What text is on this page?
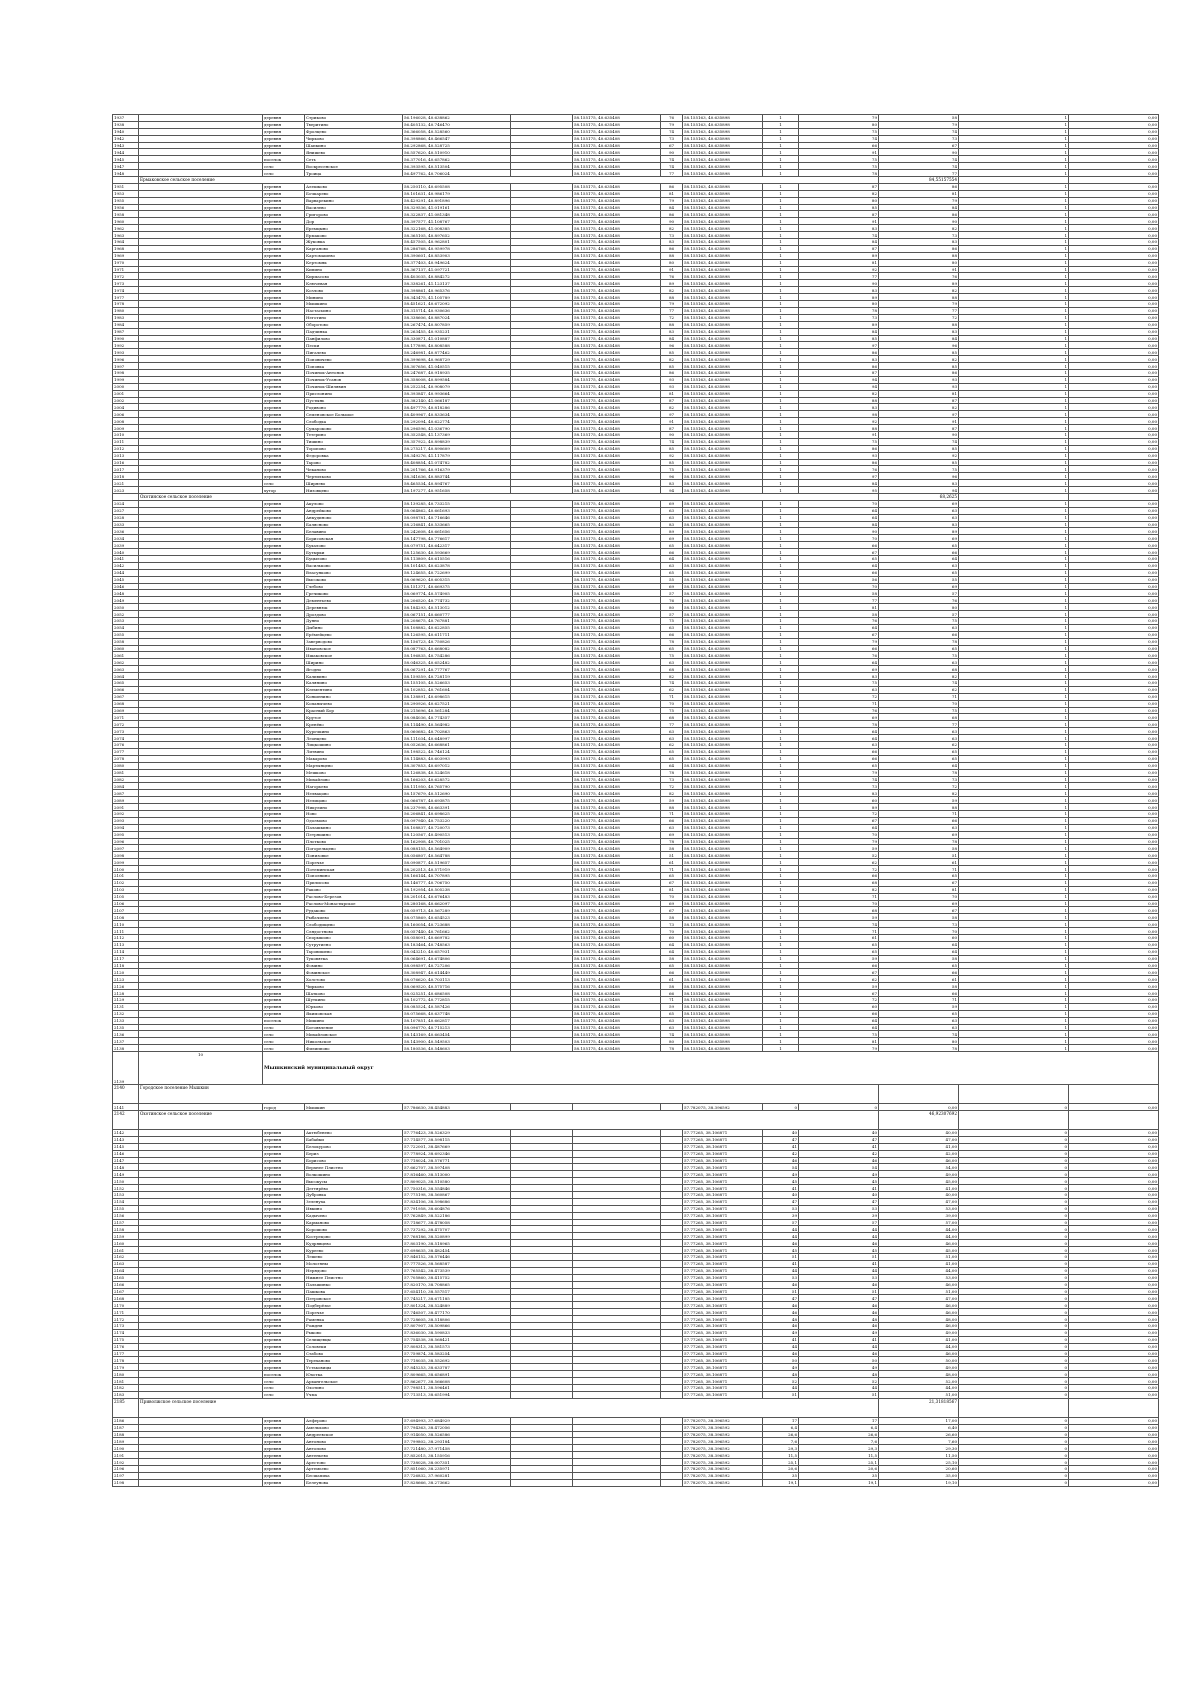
1937		деревня	Стриково	56.196028, 40.638862		58.155175, 40.635408	76	58.155163, 40.635898	1	79	58	1	0,00
1938		деревня	Тверитино	56.405132, 40.746470		58.155175, 40.635408	79	58.155163, 40.635898	1	80	79	1	0,00
1940		деревня	Фролцево	56.366058, 40.528560		58.155175, 40.635408	74	58.155163, 40.635898	1	75	74	1	0,00
1942		деревня	Чирково	56.398866, 40.466547		58.155175, 40.635408	73	58.155163, 40.635898	1	74	73	1	0,00
1943		деревня	Шапкино	56.292868, 40.528725		58.155175, 40.635408	67	58.155163, 40.635898	1	66	67	1	0,00
1944		деревня	Янишево	56.557620, 40.510910		58.155175, 40.635408	90	58.155163, 40.635898	1	91	90	1	0,00
1945		поселок	Сеть	56.377016, 40.657862		58.155175, 40.635408	74	58.155163, 40.635898	1	75	74	1	0,00
1947		село	Воскресенское	56.393595, 40.513504		58.155175, 40.635408	74	58.155163, 40.635898	1	75	74	1	0,00
1948		село	Троица	56.497762, 40.706024		58.155175, 40.635408	77	58.155163, 40.635898	1	78	77	1	0,00
	Ермаковское сельское поселение										84,55157554		
1951		деревня	Алешково	58.250110, 40.695508		58.155175, 40.635408	86	58.155163, 40.635898	1	87	86	1	0,00
1953		деревня	Бочкарево	58.101631, 40.986179		58.155175, 40.635408	81	58.155163, 40.635898	1	82	81	1	0,00
1955		деревня	Варварекино	58.429291, 40.891896		58.155175, 40.635408	79	58.155163, 40.635898	1	80	79	1	0,00
1956		деревня	Василево	58.329536, 41.019161		58.155175, 40.635408	84	58.155163, 40.635898	1	85	84	1	0,00
1958		деревня	Григорово	58.322837, 41.081348		58.155175, 40.635408	86	58.155163, 40.635898	1	87	86	1	0,00
1960		деревня	Дор	58.397577, 41.108767		58.155175, 40.635408	90	58.155163, 40.635898	1	91	90	1	0,00
1962		деревня	Еремцыно	58.322168, 41.008385		58.155175, 40.635408	82	58.155163, 40.635898	1	83	82	1	0,00
1963		деревня	Ермаково	58.365105, 40.897652		58.155175, 40.635408	73	58.155163, 40.635898	1	74	73	1	0,00
1964		деревня	Жуковка	58.457505, 40.962801		58.155175, 40.635408	83	58.155163, 40.635898	1	84	83	1	0,00
1968		деревня	Карганово	58.286768, 40.959978		58.155175, 40.635408	86	58.155163, 40.635898	1	87	86	1	0,00
1969		деревня	Картомашево	58.390601, 40.853903		58.155175, 40.635408	88	58.155163, 40.635898	1	89	88	1	0,00
1970		деревня	Кертомяк	58.377403, 40.949624		58.155175, 40.635408	80	58.155163, 40.635898	1	81	80	1	0,00
1971		деревня	Кипино	58.367137, 41.097721		58.155175, 40.635408	91	58.155163, 40.635898	1	92	91	1	0,00
1972		деревня	Кирмасово	58.403035, 40.884272		58.155175, 40.635408	76	58.155163, 40.635898	1	77	76	1	0,00
1973		деревня	Ключевая	58.338261, 41.123137		58.155175, 40.635408	89	58.155163, 40.635898	1	90	89	1	0,00
1974		деревня	Козлово	58.398861, 40.965376		58.155175, 40.635408	82	58.155163, 40.635898	1	83	82	1	0,00
1977		деревня	Минино	58.343475, 41.105789		58.155175, 40.635408	88	58.155163, 40.635898	1	89	88	1	0,00
1978		деревня	Мышкино	58.451621, 40.672092		58.155175, 40.635408	79	58.155163, 40.635898	1	80	79	1	0,00
1980		деревня	Настасьино	58.315714, 40.930636		58.155175, 40.635408	77	58.155163, 40.635898	1	78	77	1	0,00
1983		деревня	Неготино	58.338606, 40.887024		58.155175, 40.635408	72	58.155163, 40.635898	1	73	72	1	0,00
1984		деревня	Оборотово	58.267474, 40.807859		58.155175, 40.635408	88	58.155163, 40.635898	1	89	88	1	0,00
1987		деревня	Падчинка	58.263455, 40.935231		58.155175, 40.635408	83	58.155163, 40.635898	1	84	83	1	0,00
1990		деревня	Панфилово	58.330871, 41.010887		58.155175, 40.635408	84	58.155163, 40.635898	1	85	84	1	0,00
1992		деревня	Пески	58.177898, 40.808588		58.155175, 40.635408	96	58.155163, 40.635898	1	97	96	1	0,00
1993		деревня	Пигалево	58.246981, 40.877462		58.155175, 40.635408	85	58.155163, 40.635898	1	86	85	1	0,00
1996		деревня	Поповичево	58.399698, 40.968729		58.155175, 40.635408	82	58.155163, 40.635898	1	83	82	1	0,00
1997		деревня	Поповка	58.307656, 41.040515		58.155175, 40.635408	85	58.155163, 40.635898	1	86	85	1	0,00
1998		деревня	Починок-Антонов	58.247687, 40.918935		58.155175, 40.635408	86	58.155163, 40.635898	1	87	86	1	0,00
1999		деревня	Починок-Усанов	58.358008, 40.899584		58.155175, 40.635408	93	58.155163, 40.635898	1	94	93	1	0,00
2000		деревня	Починок-Шилявин	58.252254, 40.908079		58.155175, 40.635408	93	58.155163, 40.635898	1	94	93	1	0,00
2001		деревня	Прислонино	58.393847, 40.993664		58.155175, 40.635408	81	58.155163, 40.635898	1	82	81	1	0,00
2002		деревня	Пустынь	58.382140, 41.066187		58.155175, 40.635408	87	58.155163, 40.635898	1	88	87	1	0,00
2004		деревня	Родивоно	58.497779, 40.818286		58.155175, 40.635408	82	58.155163, 40.635898	1	83	82	1	0,00
2006		деревня	Семеновское Большое	58.409967, 40.833634		58.155175, 40.635408	97	58.155163, 40.635898	1	98	97	1	0,00
2008		деревня	Слободка	58.292094, 40.622774		58.155175, 40.635408	91	58.155163, 40.635898	1	92	91	1	0,00
2009		деревня	Сумароково	58.296596, 41.036790		58.155175, 40.635408	87	58.155163, 40.635898	1	88	87	1	0,00
2010		деревня	Тетерино	58.352548, 41.137369		58.155175, 40.635408	90	58.155163, 40.635898	1	91	90	1	0,00
2011		деревня	Тишино	58.357922, 40.898839		58.155175, 40.635408	74	58.155163, 40.635898	1	75	74	1	0,00
2012		деревня	Торопово	58.275217, 40.890609		58.155175, 40.635408	85	58.155163, 40.635898	1	86	85	1	0,00
2013		деревня	Федоровка	58.349276, 41.117879		58.155175, 40.635408	92	58.155163, 40.635898	1	93	92	1	0,00
2016		деревня	Тарово	58.408854, 41.074782		58.155175, 40.635408	85	58.155163, 40.635898	1	86	85	1	0,00
2017		деревня	Чеканово	58.201766, 40.916379		58.155175, 40.635408	75	58.155163, 40.635898	1	76	75	1	0,00
2018		деревня	Чертилково	58.341636, 40.883744		58.155175, 40.635408	96	58.155163, 40.635898	1	97	96	1	0,00
2021		село	Ширяево	58.465534, 40.894767		58.155175, 40.635408	83	58.155163, 40.635898	1	84	83	1	0,00
2023		хутор	Низовцево	58.197277, 40.951658		58.155175, 40.635408	94	58.155163, 40.635898	1	95	94	1	0,00
	Охотинское сельское поселение										68,2625		
2024		деревня	Акулово	58.139285, 40.733215		58.155175, 40.635408	69	58.155163, 40.635898	1	70	69	1	0,00
2027		деревня	Андрейково	58.064862, 40.661693		58.155175, 40.635408	63	58.155163, 40.635898	1	64	63	1	0,00
2028		деревня	Анкудиново	58.098781, 40.716646		58.155175, 40.635408	63	58.155163, 40.635898	1	64	63	1	0,00
2033		деревня	Балясново	58.216841, 40.533665		58.155175, 40.635408	83	58.155163, 40.635898	1	84	83	1	0,00
2036		деревня	Белавино	58.242608, 40.661656		58.155175, 40.635408	89	58.155163, 40.635898	1	90	89	1	0,00
2034		деревня	Борисовская	58.147798, 40.776617		58.155175, 40.635408	69	58.155163, 40.635898	1	70	69	1	0,00
2039		деревня	Бухалово	58.079751, 40.642317		58.155175, 40.635408	65	58.155163, 40.635898	1	66	65	1	0,00
2040		деревня	Бутырки	58.125630, 40.593669		58.155175, 40.635408	66	58.155163, 40.635898	1	67	66	1	0,00
2041		деревня	Буцылово	58.113809, 40.615516		58.155175, 40.635408	64	58.155163, 40.635898	1	65	64	1	0,00
2042		деревня	Васильково	58.101483, 40.623878		58.155175, 40.635408	63	58.155163, 40.635898	1	64	63	1	0,00
2044		деревня	Власунково	58.124655, 40.722699		58.155175, 40.635408	65	58.155163, 40.635898	1	66	65	1	0,00
2045		деревня	Высоково	58.069620, 40.605315		58.155175, 40.635408	55	58.155163, 40.635898	1	56	55	1	0,00
2046		деревня	Глебово	58.151371, 40.669375		58.155175, 40.635408	69	58.155163, 40.635898	1	70	69	1	0,00
2048		деревня	Гречиково	58.069774, 40.574905		58.155175, 40.635408	57	58.155163, 40.635898	1	58	57	1	0,00
2049		деревня	Дементьево	58.206520, 40.774732		58.155175, 40.635408	76	58.155163, 40.635898	1	77	76	1	0,00
2050		деревня	Деревнюк	58.184293, 40.513012		58.155175, 40.635408	80	58.155163, 40.635898	1	81	80	1	0,00
2052		деревня	Дроздово	58.067151, 40.660777		58.155175, 40.635408	57	58.155163, 40.635898	1	58	57	1	0,00
2053		деревня	Дуяно	58.208675, 40.767881		58.155175, 40.635408	75	58.155163, 40.635898	1	76	75	1	0,00
2054		деревня	Дыбино	58.108882, 40.622855		58.155175, 40.635408	63	58.155163, 40.635898	1	64	63	1	0,00
2055		деревня	Ерёмейцево	58.126595, 40.611711		58.155175, 40.635408	66	58.155163, 40.635898	1	67	66	1	0,00
2058		деревня	Заверводово	58.156723, 40.750826		58.155175, 40.635408	78	58.155163, 40.635898	1	79	78	1	0,00
2060		деревня	Ивановское	58.087763, 40.668082		58.155175, 40.635408	65	58.155163, 40.635898	1	66	65	1	0,00
2061		деревня	Ишаковское	58.196835, 40.754286		58.155175, 40.635408	75	58.155163, 40.635898	1	76	75	1	0,00
2062		деревня	Ширино	58.046325, 40.652482		58.155175, 40.635408	63	58.155163, 40.635898	1	64	63	1	0,00
2063		деревня	Ягодно	58.067291, 40.777767		58.155175, 40.635408	68	58.155163, 40.635898	1	69	68	1	0,00
2064		деревня	Каливино	58.159559, 40.728119		58.155175, 40.635408	82	58.155163, 40.635898	1	83	82	1	0,00
2065		деревня	Калянино	58.155105, 40.526653		58.155175, 40.635408	74	58.155163, 40.635898	1	75	74	1	0,00
2066		деревня	Клементино	58.102852, 40.761604		58.155175, 40.635408	62	58.155163, 40.635898	1	63	62	1	0,00
2067		деревня	Коншенино	58.138891, 40.698615		58.155175, 40.635408	71	58.155163, 40.635898	1	72	71	1	0,00
2068		деревня	Копанычево	58.290926, 40.627521		58.155175, 40.635408	70	58.155163, 40.635898	1	71	70	1	0,00
2069		деревня	Красный Бор	58.215696, 40.561284		58.155175, 40.635408	75	58.155163, 40.635898	1	76	75	1	0,00
2071		деревня	Крутое	58.084036, 40.774357		58.155175, 40.635408	68	58.155163, 40.635898	1	69	68	1	0,00
2072		деревня	Кренёво	58.114490, 40.564982		58.155175, 40.635408	77	58.155163, 40.635898	1	78	77	1	0,00
2073		деревня	Курочкино	58.060682, 40.702863		58.155175, 40.635408	63	58.155163, 40.635898	1	64	63	1	0,00
2074		деревня	Леонцево	58.111034, 40.648997		58.155175, 40.635408	63	58.155163, 40.635898	1	64	63	1	0,00
2076		деревня	Лицкошино	58.052636, 40.668861		58.155175, 40.635408	62	58.155163, 40.635898	1	63	62	1	0,00
2077		деревня	Литвино	58.198522, 40.746124		58.155175, 40.635408	65	58.155163, 40.635898	1	66	65	1	0,00
2078		деревня	Макарово	58.114883, 40.603993		58.155175, 40.635408	65	58.155163, 40.635898	1	66	65	1	0,00
2080		деревня	Мартынцево	58.307853, 40.697012		58.155175, 40.635408	64	58.155163, 40.635898	1	65	64	1	0,00
2081		деревня	Мешково	58.126838, 40.524618		58.155175, 40.635408	78	58.155163, 40.635898	1	79	78	1	0,00
2082		деревня	Михайлово	58.166203, 40.628572		58.155175, 40.635408	73	58.155163, 40.635898	1	74	73	1	0,00
2084		деревня	Нагорьево	58.111950, 40.765790		58.155175, 40.635408	72	58.155163, 40.635898	1	73	72	1	0,00
2087		деревня	Нелвацово	58.157679, 40.512690		58.155175, 40.635408	82	58.155163, 40.635898	1	83	82	1	0,00
2089		деревня	Нелицово	56.066787, 40.693875		58.155175, 40.635408	59	58.155163, 40.635898	1	60	59	1	0,00
2091		деревня	Никулино	58.237998, 40.663391		58.155175, 40.635408	88	58.155163, 40.635898	1	89	88	1	0,00
2092		деревня	Ново	56.206841, 40.698625		58.155175, 40.635408	71	58.155163, 40.635898	1	72	71	1	0,00
2093		деревня	Одолмово	58.097940, 40.753220		58.155175, 40.635408	66	58.155163, 40.635898	1	67	66	1	0,00
2094		деревня	Палашкино	58.108837, 40.720073		58.155175, 40.635408	63	58.155163, 40.635898	1	64	63	1	0,00
2095		деревня	Петряшино	58.120567, 40.490513		58.155175, 40.635408	69	58.155163, 40.635898	1	70	69	1	0,00
2096		деревня	Плотково	58.162908, 40.701025		58.155175, 40.635408	78	58.155163, 40.635898	1	79	78	1	0,00
2097		деревня	Погорельцево	58.088155, 40.564909		58.155175, 40.635408	58	58.155163, 40.635898	1	59	58	1	0,00
2098		деревня	Понизовье	58.056807, 40.564788		58.155175, 40.635408	51	58.155163, 40.635898	1	52	51	1	0,00
2099		деревня	Поречье	58.090877, 40.519657		58.155175, 40.635408	61	58.155163, 40.635898	1	62	61	1	0,00
2100		деревня	Потеминская	58.202513, 40.571919		58.155175, 40.635408	71	58.155163, 40.635898	1	72	71	1	0,00
2101		деревня	Пополнино	58.166144, 40.707895		58.155175, 40.635408	65	58.155163, 40.635898	1	66	65	1	0,00
2102		деревня	Прилисово	58.146777, 40.706750		58.155175, 40.635408	67	58.155163, 40.635898	1	68	67	1	0,00
2103		деревня	Раково	58.192954, 40.505238		58.155175, 40.635408	81	58.155163, 40.635898	1	82	81	1	0,00
2105		деревня	Раслово-Березов	58.201014, 40.676483		58.155175, 40.635408	70	58.155163, 40.635898	1	71	70	1	0,00
2106		деревня	Раслово-Монастырское	58.280168, 40.662097		58.155175, 40.635408	69	58.155163, 40.635898	1	70	69	1	0,00
2107		деревня	Рудаково	58.059713, 40.567289		58.155175, 40.635408	67	58.155163, 40.635898	1	68	67	1	0,00
2108		деревня	Рыбачиево	58.075869, 40.654523		58.155175, 40.635408	58	58.155163, 40.635898	1	59	58	1	0,00
2110		деревня	Слободищево	58.160054, 40.723688		58.155175, 40.635408	73	58.155163, 40.635898	1	74	73	1	0,00
2111		деревня	Слядостново	58.057440, 40.761662		58.155175, 40.635408	70	58.155163, 40.635898	1	71	70	1	0,00
2112		деревня	Спорышово	58.058091, 40.669782		58.155175, 40.635408	60	58.155163, 40.635898	1	61	60	1	0,00
2113		деревня	Сутрутиено	58.183464, 40.748563		58.155175, 40.635408	64	58.155163, 40.635898	1	65	64	1	0,00
2114		деревня	Таровишево	58.043210, 40.657931		58.155175, 40.635408	64	58.155163, 40.635898	1	65	64	1	0,00
2117		деревня	Туковятка	58.064691, 40.674806		58.155175, 40.635408	58	58.155163, 40.635898	1	59	58	1	0,00
2118		деревня	Фомино	58.098597, 40.727206		58.155175, 40.635408	65	58.155163, 40.635898	1	66	65	1	0,00
2120		деревня	Фоминское	58.308947, 40.614449		58.155175, 40.635408	66	58.155163, 40.635898	1	67	66	1	0,00
2123		деревня	Холстово	58.076620, 40.703113		58.155175, 40.635408	61	58.155163, 40.635898	1	62	61	1	0,00
2126		деревня	Чирково	58.069520, 40.575716		58.155175, 40.635408	58	58.155163, 40.635898	1	59	58	1	0,00
2128		деревня	Шатково	58.025251, 40.686508		58.155175, 40.635408	66	58.155163, 40.635898	1	67	66	1	0,00
2129		деревня	Шуткино	58.102772, 40.772815		58.155175, 40.635408	71	58.155163, 40.635898	1	72	71	1	0,00
2131		деревня	Юрково	58.085524, 40.587426		58.155175, 40.635408	59	58.155163, 40.635898	1	60	59	1	0,00
2132		деревня	Якимовская	58.075668, 40.637748		58.155175, 40.635408	65	58.155163, 40.635898	1	66	65	1	0,00
2133		поселок	Мишино	58.107851, 40.662817		58.155175, 40.635408	63	58.155163, 40.635898	1	64	63	1	0,00
2135		село	Богоявление	58.096770, 40.715213		58.155175, 40.635408	63	58.155163, 40.635898	1	64	63	1	0,00
2136		село	Михайловское	58.143169, 40.663454		58.155175, 40.635408	74	58.155163, 40.635898	1	75	74	1	0,00
2137		село	Никольское	58.143900, 40.549503		58.155175, 40.635408	80	58.155163, 40.635898	1	81	80	1	0,00
2138		село	Филиппово	58.180536, 40.548603		58.155175, 40.635408	78	58.155163, 40.635898	1	79	78	1	0,00
2139	10	Мышкинский муниципальный округ											
2140	Городское поселение Мышкин												
2141		город	Мышкин	57.786630, 38.454883				57.782075, 38.396592	0	0	0,00	0	0,00
2142	Охотинское сельское поселение										46,92307692		
2142		деревня	Актюбенево	57.776423, 38.526329				57.77265, 38.106871	40	40	40,00	0	0,00
2143		деревня	Бабайки	57.714577, 38.598115				57.77265, 38.106871	47	47	47,00	0	0,00
2145		деревня	Белокурово	57.722001, 38.487669				57.77265, 38.106871	41	41	41,00	0	0,00
2146		деревня	Бериз	57.778924, 38.692346				57.77265, 38.106871	42	42	42,00	0	0,00
2147		деревня	Борисово	57.718024, 38.576771				57.77265, 38.106871	46	46	46,00	0	0,00
2148		деревня	Верхнее Плистно	57.662707, 38.597408				57.77265, 38.106871	54	54	54,00	0	0,00
2149		деревня	Волкошино	57.816460, 38.513000				57.77265, 38.106871	49	49	49,00	0	0,00
2150		деревня	Высокусы	57.809025, 38.510580				57.77265, 38.106871	45	45	45,00	0	0,00
2152		деревня	Дегтярёво	57.750316, 38.554846				57.77265, 38.106871	41	41	41,00	0	0,00
2153		деревня	Дубровка	57.775198, 38.560867				57.77265, 38.106871	40	40	40,00	0	0,00
2154		деревня	Зеленуха	57.834106, 38.598686				57.77265, 38.106871	47	47	47,00	0	0,00
2155		деревня	Ивкино	57.791958, 38.604876				57.77265, 38.106871	53	53	53,00	0	0,00
2156		деревня	Кадычево	57.762849, 38.522186				57.77265, 38.106871	39	39	39,00	0	0,00
2157		деревня	Карманово	57.718677, 38.478058				57.77265, 38.106871	57	57	57,00	0	0,00
2158		деревня	Корошово	57.737292, 38.475707				57.77265, 38.106871	44	44	44,00	0	0,00
2159		деревня	Кострецово	57.768186, 38.520899				57.77265, 38.106871	44	44	44,00	0	0,00
2160		деревня	Кудрявцево	57.803190, 38.518965				57.77265, 38.106871	46	46	46,00	0	0,00
2161		деревня	Куреево	57.698635, 38.482454				57.77265, 38.106871	45	45	45,00	0	0,00
2162		деревня	Лешево	57.846152, 38.576446				57.77265, 38.106871	51	51	51,00	0	0,00
2163		деревня	Мологяны	57.777526, 38.568587				57.77265, 38.106871	41	41	41,00	0	0,00
2164		деревня	Нерядово	57.765542, 38.473539				57.77265, 38.106871	44	44	44,00	0	0,00
2165		деревня	Нижнее Плистно	57.705860, 38.415752				57.77265, 38.106871	53	53	53,00	0	0,00
2166		деревня	Пальшинко	57.820170, 38.708865				57.77265, 38.106871	46	46	46,00	0	0,00
2167		деревня	Пашкова	57.654110, 38.557517				57.77265, 38.106871	51	51	51,00	0	0,00
2168		деревня	Петровское	57.745217, 38.671185				57.77265, 38.106871	47	47	47,00	0	0,00
2170		деревня	Подберёзье	57.801324, 38.524889				57.77265, 38.106871	46	46	46,00	0	0,00
2171		деревня	Поречье	57.746507, 38.477170				57.77265, 38.106871	46	46	46,00	0	0,00
2172		деревня	Раменка	57.728605, 38.518806				57.77265, 38.106871	48	48	48,00	0	0,00
2173		деревня	Рождня	57.807907, 38.509866				57.77265, 38.106871	46	46	46,00	0	0,00
2174		деревня	Рыково	57.836030, 38.590833				57.77265, 38.106871	49	49	49,00	0	0,00
2175		деревня	Селищевцы	57.754538, 38.568421				57.77265, 38.106871	41	41	41,00	0	0,00
2176		деревня	Соловеки	57.808313, 38.581573				57.77265, 38.106871	44	44	44,00	0	0,00
2177		деревня	Стабово	57.759874, 38.583254				57.77265, 38.106871	46	46	46,00	0	0,00
2178		деревня	Тереханово	57.718035, 38.552692				57.77265, 38.106871	50	50	50,00	0	0,00
2179		деревня	Устьковицы	57.845253, 38.633787				57.77265, 38.106871	49	49	49,00	0	0,00
2180		поселок	Юхотка	57.809665, 38.656891				57.77265, 38.106871	48	48	48,00	0	0,00
2181		село	Архангельское	57.862677, 38.566608				57.77265, 38.106871	52	52	52,00	0	0,00
2182		село	Охотино	57.798511, 38.596461				57.77265, 38.106871	44	44	44,00	0	0,00
2183		село	Учма	57.713513, 38.651994				57.77265, 38.106871	51	51	51,00	0	0,00
2185	Приволжское сельское поселение										21,31818567		
2186		деревня	Алферово	57.694993, 37.684929				57.782075, 38.396592	17	17	17,00	0	0,00
2187		деревня	Амельково	57.794363, 38.472056				57.782075, 38.396592	6,4	6,4	6,40	0	0,00
2188		деревня	Андреевское	57.914050, 38.526586				57.782075, 38.396592	26,6	26,6	26,60	0	0,00
2189		деревня	Антоново	57.799802, 38.293184				57.782075, 38.396592	7,6	7,6	7,60	0	0,00
2190		деревня	Антопово	57.721480, 37.971458				57.782075, 38.396592	29,3	29,3	29,30	0	0,00
2191		деревня	Антеньево	57.852015, 38.155916				57.782075, 38.396592	11,5	11,5	11,50	0	0,00
2192		деревня	Арестово	57.738028, 38.007351				57.782075, 38.396592	25,1	25,1	25,10	0	0,00
2196		деревня	Артемьево	57.851060, 38.235971				57.782075, 38.396592	20,6	20,6	20,60	0	0,00
2197		деревня	Бесшапиха	57.726832, 37.960281				57.782075, 38.396592	35	35	35,00	0	0,00
2198		деревня	Белеунова	57.828666, 38.273662				57.782075, 38.396592	19,1	19,1	19,10	0	0,00
